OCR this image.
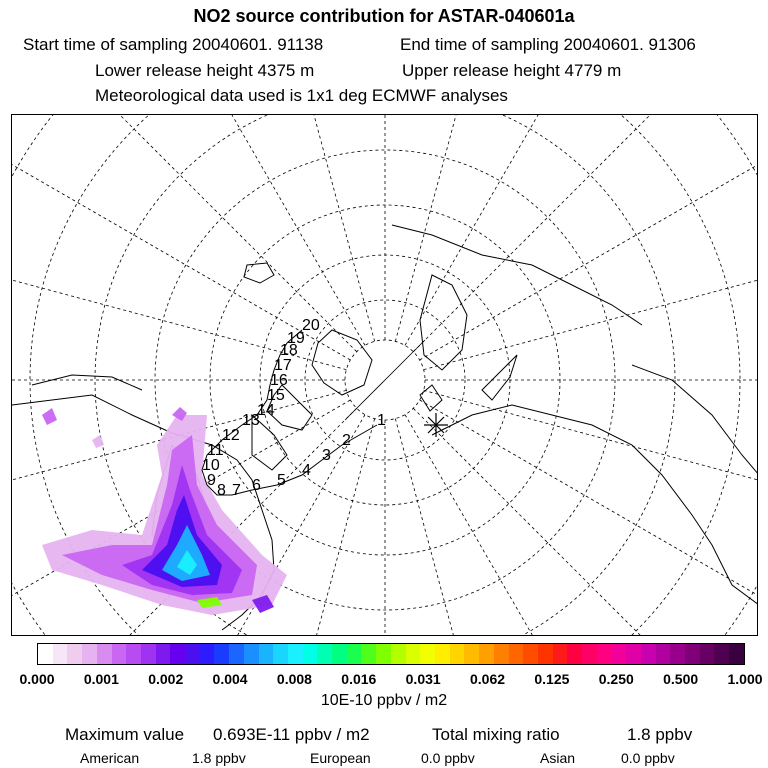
NO2 source contribution for ASTAR-040601a
Start time of sampling 20040601. 91138	End time of sampling 20040601. 91306
Lower release height 4375 m	Upper release height 4779 m
Meteorological data used is 1x1 deg ECMWF analyses
1
2
3
4
5
6
7
8
9
10
11
12
13
14
15
16
17
18
19
20
0.000 0.001 0.002 0.004 0.008 0.016 0.031 0.062 0.125 0.250 0.500 1.000
10E-10 ppbv / m2
Maximum value 0.693E-11 ppbv / m2	Total mixing ratio	1.8 ppbv
American	1.8 ppbv	European	0.0 ppbv	Asian	0.0 ppbv
